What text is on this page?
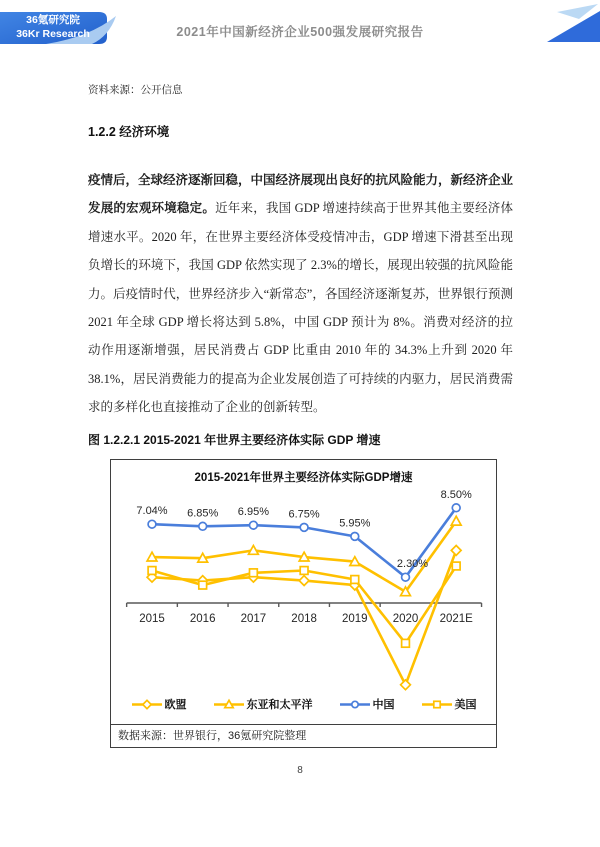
36氪研究院
36Kr Research	2021年中国新经济企业500强发展研究报告
资料来源：公开信息
1.2.2 经济环境

疫情后，全球经济逐渐回稳，中国经济展现出良好的抗风险能力，新经济企业发展的宏观环境稳定。近年来，我国 GDP 增速持续高于世界其他主要经济体增速水平。2020 年，在世界主要经济体受疫情冲击，GDP 增速下滑甚至出现负增长的环境下，我国 GDP 依然实现了 2.3%的增长，展现出较强的抗风险能力。后疫情时代，世界经济步入“新常态”，各国经济逐渐复苏，世界银行预测 2021 年全球 GDP 增长将达到 5.8%，中国 GDP 预计为 8%。消费对经济的拉动作用逐渐增强，居民消费占 GDP 比重由 2010 年的 34.3%上升到 2020 年 38.1%，居民消费能力的提高为企业发展创造了可持续的内驱力，居民消费需求的多样化也直接推动了企业的创新转型。

图 1.2.2.1 2015-2021 年世界主要经济体实际 GDP 增速
2015-2021年世界主要经济体实际GDP增速
2015 2016 2017 2018 2019 2020 2021E
7.04% 6.85% 6.95% 6.75%
5.95%
2.30%
8.50%
欧盟	东亚和太平洋	中国	美国
数据来源：世界银行，36氪研究院整理
8
